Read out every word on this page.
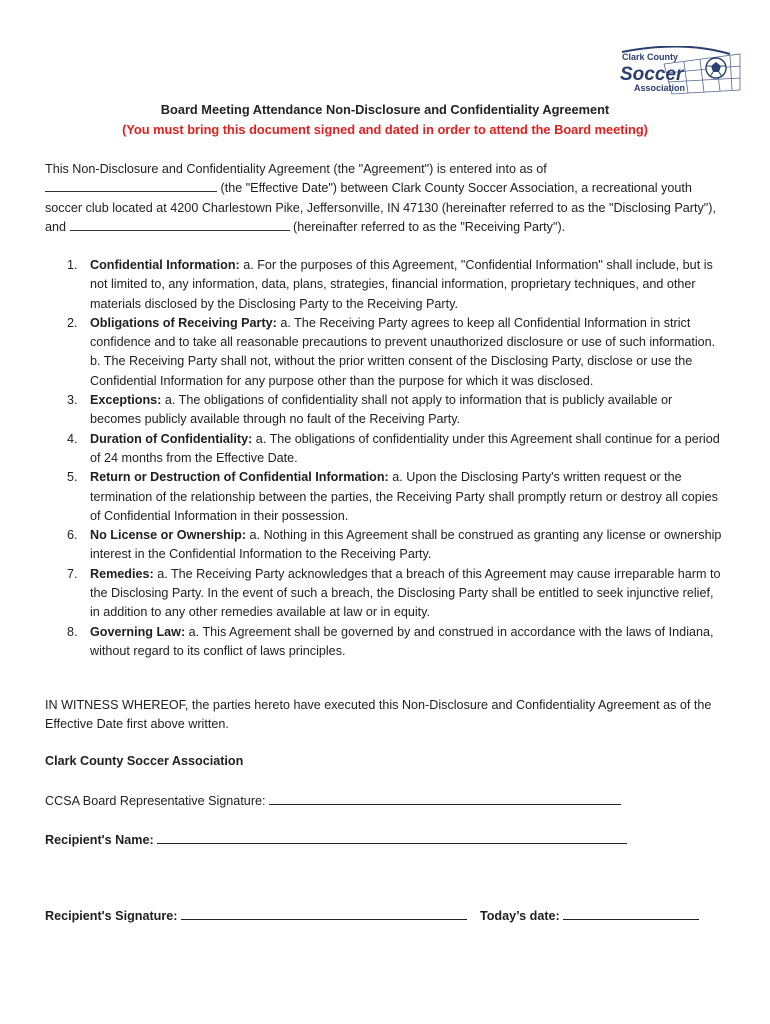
Clark County
Soccer
Association
Board Meeting Attendance Non-Disclosure and Confidentiality Agreement
(You must bring this document signed and dated in order to attend the Board meeting)
This Non-Disclosure and Confidentiality Agreement (the "Agreement") is entered into as of
(the "Effective Date") between Clark County Soccer Association, a recreational youth soccer club located at 4200 Charlestown Pike, Jeffersonville, IN 47130 (hereinafter referred to as the "Disclosing Party"), and	(hereinafter referred to as the "Receiving Party").
1. Confidential Information: a. For the purposes of this Agreement, "Confidential Information" shall include, but is not limited to, any information, data, plans, strategies, financial information, proprietary techniques, and other materials disclosed by the Disclosing Party to the Receiving Party.
2. Obligations of Receiving Party: a. The Receiving Party agrees to keep all Confidential Information in strict confidence and to take all reasonable precautions to prevent unauthorized disclosure or use of such information. b. The Receiving Party shall not, without the prior written consent of the Disclosing Party, disclose or use the Confidential Information for any purpose other than the purpose for which it was disclosed.
3. Exceptions: a. The obligations of confidentiality shall not apply to information that is publicly available or becomes publicly available through no fault of the Receiving Party.
4. Duration of Confidentiality: a. The obligations of confidentiality under this Agreement shall continue for a period of 24 months from the Effective Date.
5. Return or Destruction of Confidential Information: a. Upon the Disclosing Party's written request or the termination of the relationship between the parties, the Receiving Party shall promptly return or destroy all copies of Confidential Information in their possession.
6. No License or Ownership: a. Nothing in this Agreement shall be construed as granting any license or ownership interest in the Confidential Information to the Receiving Party.
7. Remedies: a. The Receiving Party acknowledges that a breach of this Agreement may cause irreparable harm to the Disclosing Party. In the event of such a breach, the Disclosing Party shall be entitled to seek injunctive relief, in addition to any other remedies available at law or in equity.
8. Governing Law: a. This Agreement shall be governed by and construed in accordance with the laws of Indiana, without regard to its conflict of laws principles.
IN WITNESS WHEREOF, the parties hereto have executed this Non-Disclosure and Confidentiality Agreement as of the Effective Date first above written.
Clark County Soccer Association
CCSA Board Representative Signature:
Recipient's Name:
Recipient's Signature:	Today’s date:
